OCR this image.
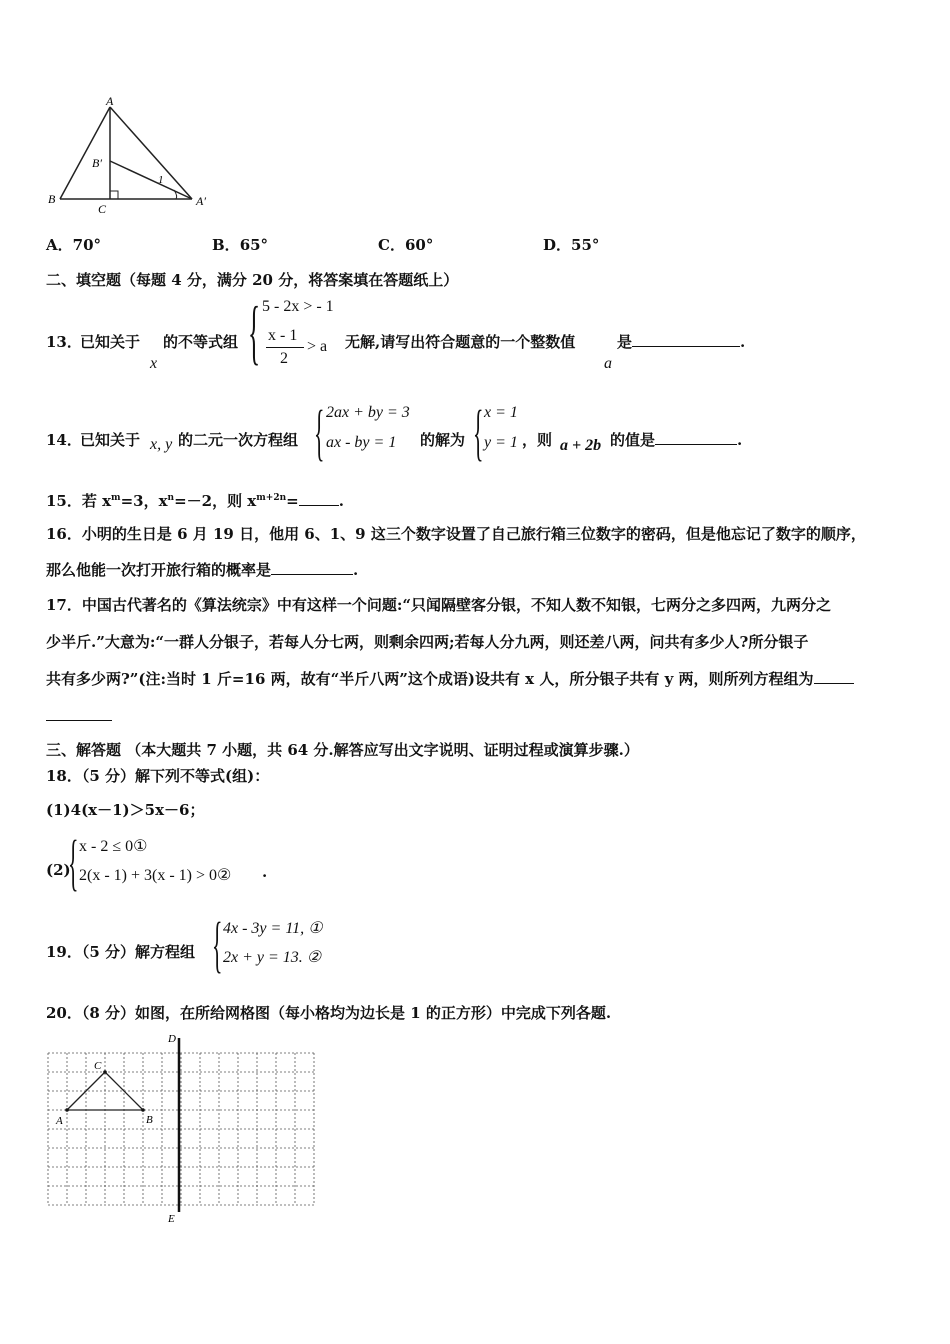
A
B
B′
C
A′
1
A．70°	B．65°	C．60°	D．55°
二、填空题（每题 4 分，满分 20 分，将答案填在答题纸上）
13．
已知关于
x
的不等式组 { 5 - 2x > - 1
x - 1
2
> a 无解,请写出符合题意的一个整数值
a
是	.
14．
已知关于 x, y 的二元一次方程组 { 2ax + by = 3
ax - by = 1 的解为 { x = 1
y = 1 ，则 a + 2b 的值是	.
15．若 $x^m=3$，$x^n=-2$，则 $x^{m+2n}=$	.
16．小明的生日是 6 月 19 日，他用 6、1、9 这三个数字设置了自己旅行箱三位数字的密码，但是他忘记了数字的顺序，
那么他能一次打开旅行箱的概率是	.
17．中国古代著名的《算法统宗》中有这样一个问题:“只闻隔壁客分银，不知人数不知银，七两分之多四两，九两分之
少半斤.”大意为:“一群人分银子，若每人分七两，则剩余四两;若每人分九两，则还差八两，问共有多少人?所分银子
共有多少两?”(注:当时 1 斤=16 两，故有“半斤八两”这个成语)设共有 x 人，所分银子共有 y 两，则所列方程组为
三、解答题 （本大题共 7 小题，共 64 分.解答应写出文字说明、证明过程或演算步骤.）
18．（5 分）解下列不等式(组)：
(1)4(x－1)＞5x－6；
(2)
{ x - 2 ≤ 0①
2(x - 1) + 3(x - 1) > 0② .
19．（5 分）解方程组 { 4x - 3y = 11, ①
2x + y = 13. ②
20．（8 分）如图，在所给网格图（每小格均为边长是 1 的正方形）中完成下列各题.
A	B
C
D
E
